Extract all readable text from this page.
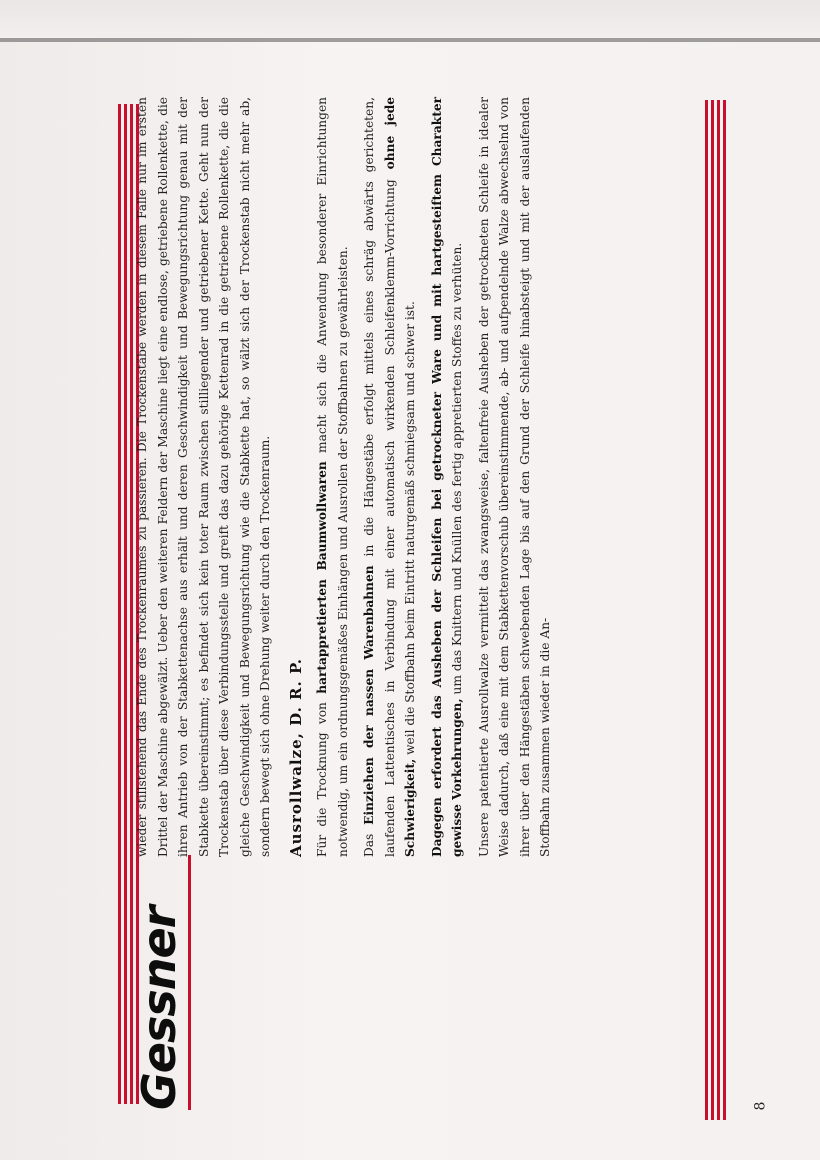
Gessner

wieder stillstehend das Ende des Trockenraumes zu passieren. Die Trockenstäbe werden in diesem Falle nur im ersten Drittel der Maschine abgewälzt. Ueber den weiteren Feldern der Maschine liegt eine endlose, getriebene Rollenkette, die ihren Antrieb von der Stabkettenachse aus erhält und deren Geschwindigkeit und Bewegungsrichtung genau mit der Stabkette übereinstimmt; es befindet sich kein toter Raum zwischen stilliegender und getriebener Kette. Geht nun der Trockenstab über diese Verbindungsstelle und greift das dazu gehörige Kettenrad in die getriebene Rollenkette, die die gleiche Geschwindigkeit und Bewegungsrichtung wie die Stabkette hat, so wälzt sich der Trockenstab nicht mehr ab, sondern bewegt sich ohne Drehung weiter durch den Trockenraum. Ausrollwalze, D. R. P. Für die Trocknung von hartappretierten Baumwollwaren macht sich die Anwendung besonderer Einrichtungen notwendig, um ein ordnungsgemäßes Einhängen und Ausrollen der Stoffbahnen zu gewährleisten. Das Einziehen der nassen Warenbahnen in die Hängestäbe erfolgt mittels eines schräg abwärts gerichteten, laufenden Lattentisches in Verbindung mit einer automatisch wirkenden Schleifenklemm-Vorrichtung ohne jede Schwierigkeit, weil die Stoffbahn beim Eintritt naturgemäß schmiegsam und schwer ist. Dagegen erfordert das Ausheben der Schleifen bei getrockneter Ware und mit hartgesteiftem Charakter gewisse Vorkehrungen, um das Knittern und Knüllen des fertig appretierten Stoffes zu verhüten. Unsere patentierte Ausrollwalze vermittelt das zwangsweise, faltenfreie Ausheben der getrockneten Schleife in idealer Weise dadurch, daß eine mit dem Stabkettenvorschub übereinstimmende, ab- und aufpendelnde Walze abwechselnd von ihrer über den Hängestäben schwebenden Lage bis auf den Grund der Schleife hinabsteigt und mit der auslaufenden Stoffbahn zusammen wieder in die An-

8
